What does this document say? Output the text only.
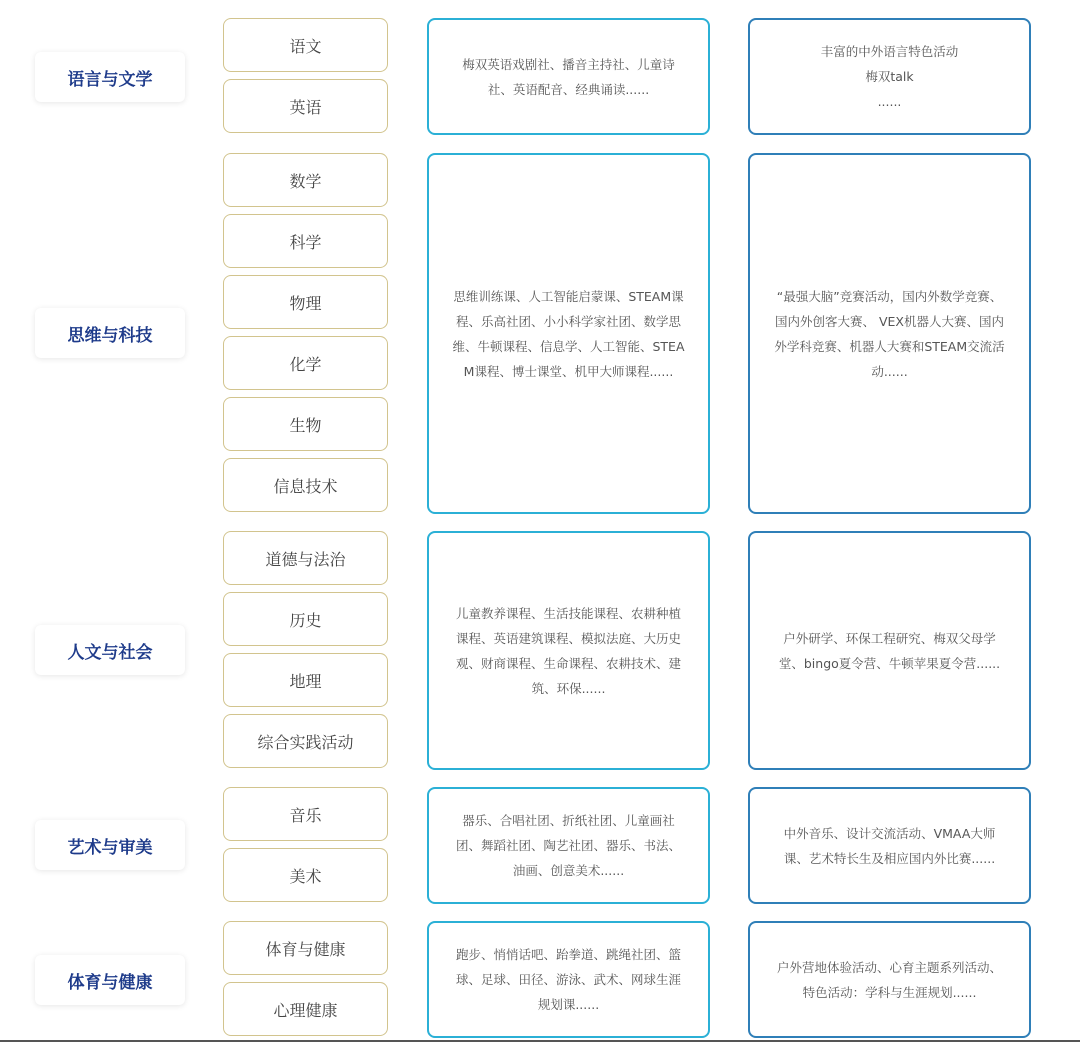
语言与文学
语文
英语
梅双英语戏剧社、播音主持社、儿童诗社、英语配音、经典诵读......
丰富的中外语言特色活动
梅双talk
......
思维与科技
数学
科学
物理
化学
生物
信息技术
思维训练课、人工智能启蒙课、STEAM课程、乐高社团、小小科学家社团、数学思维、牛顿课程、信息学、人工智能、STEAM课程、博士课堂、机甲大师课程......
“最强大脑”竞赛活动，国内外数学竞赛、国内外创客大赛、 VEX机器人大赛、国内外学科竞赛、机器人大赛和STEAM交流活动......
人文与社会
道德与法治
历史
地理
综合实践活动
儿童教养课程、生活技能课程、农耕种植课程、英语建筑课程、模拟法庭、大历史观、财商课程、生命课程、农耕技术、建筑、环保......
户外研学、环保工程研究、梅双父母学堂、bingo夏令营、牛顿苹果夏令营......
艺术与审美
音乐
美术
器乐、合唱社团、折纸社团、儿童画社团、舞蹈社团、陶艺社团、器乐、书法、油画、创意美术......
中外音乐、设计交流活动、VMAA大师课、艺术特长生及相应国内外比赛......
体育与健康
体育与健康
心理健康
跑步、悄悄话吧、跆拳道、跳绳社团、篮球、足球、田径、游泳、武术、网球生涯规划课......
户外营地体验活动、心育主题系列活动、特色活动：学科与生涯规划......
